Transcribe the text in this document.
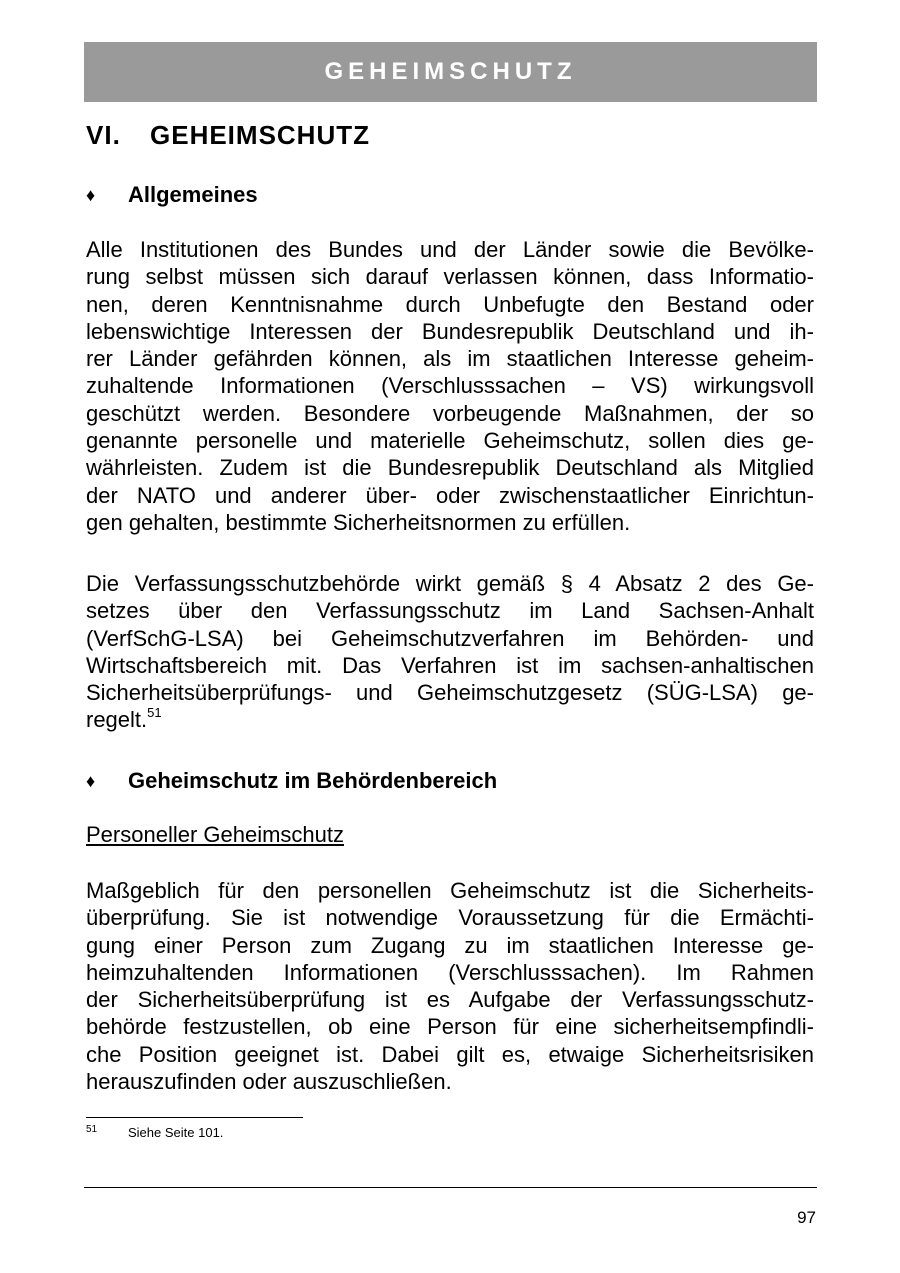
GEHEIMSCHUTZ
VI.	GEHEIMSCHUTZ
♦	Allgemeines

Alle Institutionen des Bundes und der Länder sowie die Bevölke-
rung selbst müssen sich darauf verlassen können, dass Informatio-
nen, deren Kenntnisnahme durch Unbefugte den Bestand oder
lebenswichtige Interessen der Bundesrepublik Deutschland und ih-
rer Länder gefährden können, als im staatlichen Interesse geheim-
zuhaltende Informationen (Verschlusssachen – VS) wirkungsvoll
geschützt werden. Besondere vorbeugende Maßnahmen, der so
genannte personelle und materielle Geheimschutz, sollen dies ge-
währleisten. Zudem ist die Bundesrepublik Deutschland als Mitglied
der NATO und anderer über- oder zwischenstaatlicher Einrichtun-
gen gehalten, bestimmte Sicherheitsnormen zu erfüllen.

Die Verfassungsschutzbehörde wirkt gemäß § 4 Absatz 2 des Ge-
setzes über den Verfassungsschutz im Land Sachsen-Anhalt
(VerfSchG-LSA) bei Geheimschutzverfahren im Behörden- und
Wirtschaftsbereich mit. Das Verfahren ist im sachsen-anhaltischen
Sicherheitsüberprüfungs- und Geheimschutzgesetz (SÜG-LSA) ge-
regelt.$^{51}$

♦	Geheimschutz im Behördenbereich
Personeller Geheimschutz

Maßgeblich für den personellen Geheimschutz ist die Sicherheits-
überprüfung. Sie ist notwendige Voraussetzung für die Ermächti-
gung einer Person zum Zugang zu im staatlichen Interesse ge-
heimzuhaltenden Informationen (Verschlusssachen). Im Rahmen
der Sicherheitsüberprüfung ist es Aufgabe der Verfassungsschutz-
behörde festzustellen, ob eine Person für eine sicherheitsempfindli-
che Position geeignet ist. Dabei gilt es, etwaige Sicherheitsrisiken
herauszufinden oder auszuschließen.

51	Siehe Seite 101.
97
